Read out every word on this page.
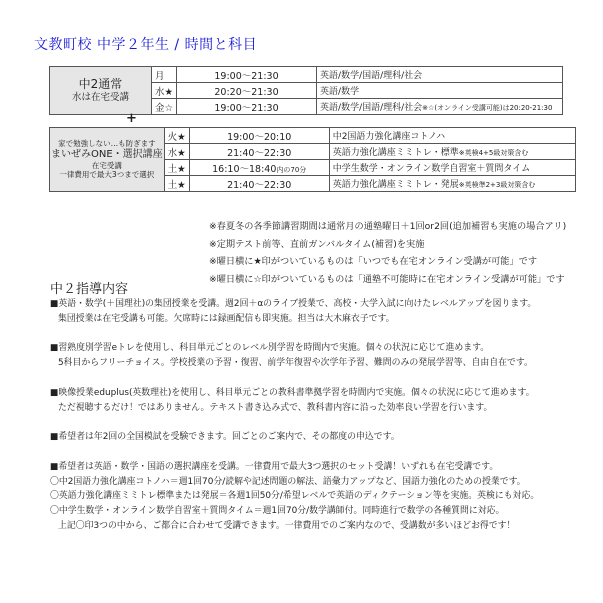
文教町校 中学２年生 / 時間と科目
中2通常
水は在宅受講	月	19:00〜21:30	英語/数学/国語/理科/社会
	水★	20:20〜21:30	英語/数学
	金☆	19:00〜21:30	英語/数学/国語/理科/社会※☆(オンライン受講可能)は20:20-21:30
+
家で勉強しない…も防ぎます
まいぜみONE・選択講座
在宅受講
一律費用で最大3つまで選択	火★	19:00〜20:10	中2国語力強化講座コトノハ
	水★	21:40〜22:30	英語力強化講座ミミトレ・標準※英検4+5級対策含む
	土★	16:10〜18:40内の70分	中学生数学・オンライン数学自習室＋質問タイム
	土★	21:40〜22:30	英語力強化講座ミミトレ・発展※英検準2+3級対策含む
※春夏冬の各季節講習期間は通常月の通塾曜日＋1回or2回(追加補習も実施の場合アリ)
※定期テスト前等、直前ガンバルタイム(補習)を実施
※曜日横に★印がついているものは「いつでも在宅オンライン受講が可能」です
※曜日横に☆印がついているものは「通塾不可能時に在宅オンライン受講が可能」です
中２指導内容
■英語・数学(＋国理社)の集団授業を受講。週2回＋αのライブ授業で、高校・大学入試に向けたレベルアップを図ります。
集団授業は在宅受講も可能。欠席時には録画配信も即実施。担当は大木麻衣子です。
■習熟度別学習eトレを使用し、科目単元ごとのレベル別学習を時間内で実施。個々の状況に応じて進めます。
5科目からフリーチョイス。学校授業の予習・復習、前学年復習や次学年予習、難問のみの発展学習等、自由自在です。
■映像授業eduplus(英数理社)を使用し、科目単元ごとの教科書準拠学習を時間内で実施。個々の状況に応じて進めます。
ただ視聴するだけ！ではありません。テキスト書き込み式で、教科書内容に沿った効率良い学習を行います。
■希望者は年2回の全国模試を受験できます。回ごとのご案内で、その都度の申込です。
■希望者は英語・数学・国語の選択講座を受講。一律費用で最大3つ選択のセット受講！いずれも在宅受講です。
〇中2国語力強化講座コトノハ＝週1回70分/読解や記述問題の解法、語彙力アップなど、国語力強化のための授業です。
〇英語力強化講座ミミトレ標準または発展＝各週1回50分/希望レベルで英語のディクテーション等を実施。英検にも対応。
〇中学生数学・オンライン数学自習室＋質問タイム＝週1回70分/数学講師付。同時進行で数学の各種質問に対応。
上記〇印3つの中から、ご都合に合わせて受講できます。一律費用でのご案内なので、受講数が多いほどお得です！
